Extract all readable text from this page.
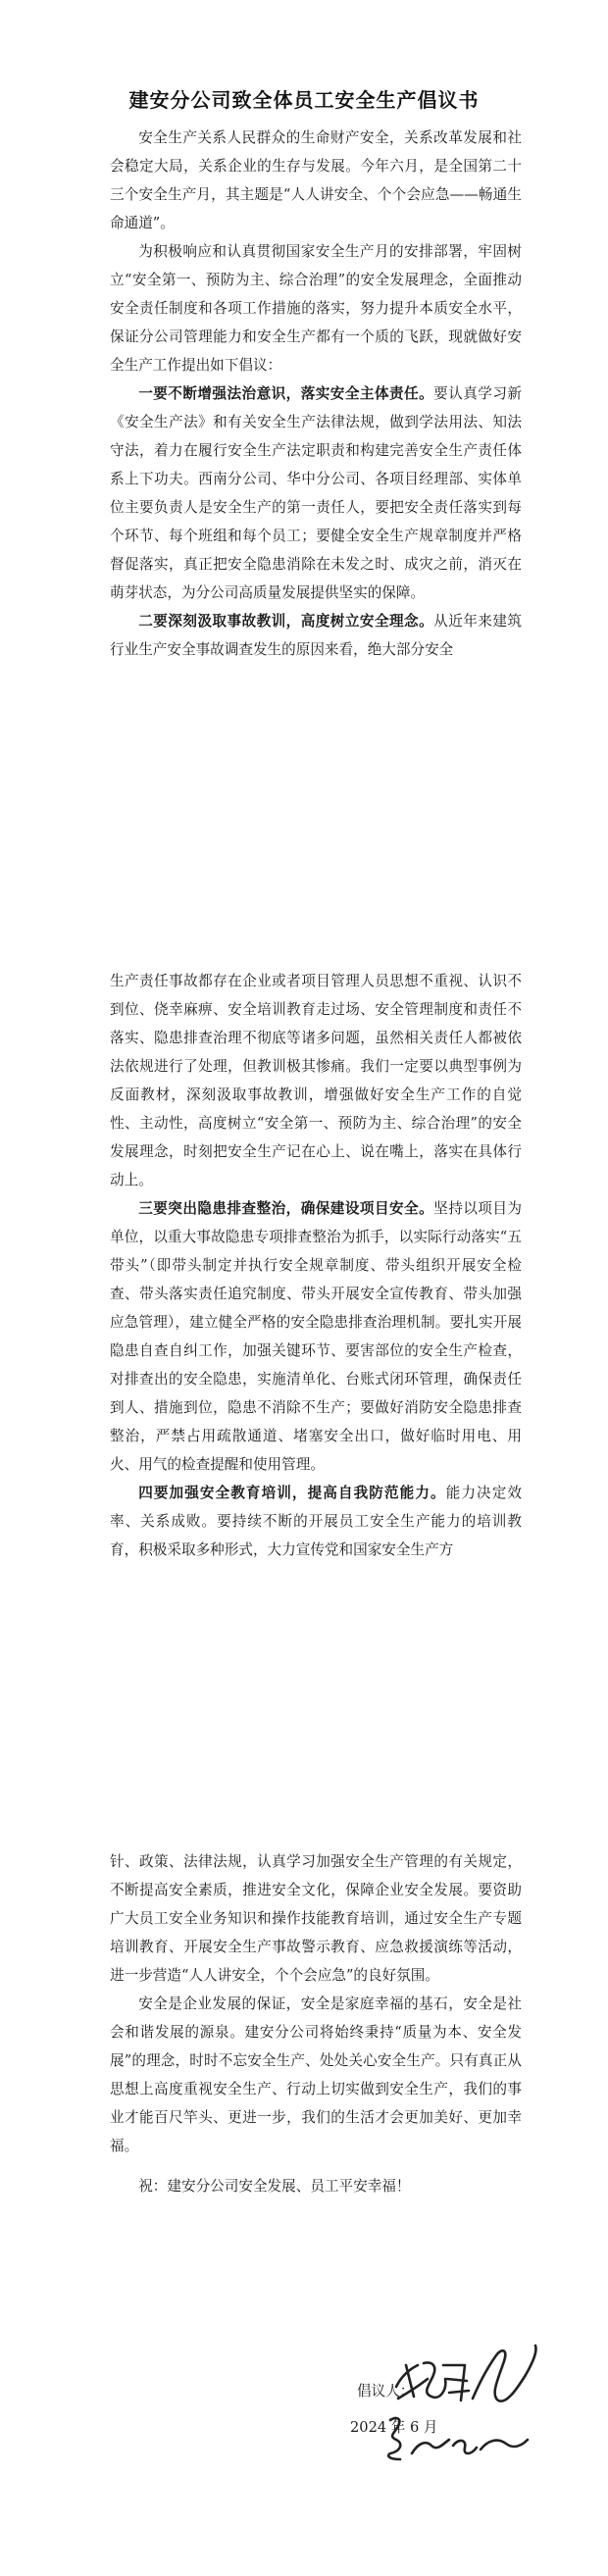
建安分公司致全体员工安全生产倡议书

安全生产关系人民群众的生命财产安全，关系改革发展和社会稳定大局，关系企业的生存与发展。今年六月，是全国第二十三个安全生产月，其主题是“人人讲安全、个个会应急——畅通生命通道”。

为积极响应和认真贯彻国家安全生产月的安排部署，牢固树立“安全第一、预防为主、综合治理”的安全发展理念，全面推动安全责任制度和各项工作措施的落实，努力提升本质安全水平，保证分公司管理能力和安全生产都有一个质的飞跃，现就做好安全生产工作提出如下倡议：

一要不断增强法治意识，落实安全主体责任。要认真学习新《安全生产法》和有关安全生产法律法规，做到学法用法、知法守法，着力在履行安全生产法定职责和构建完善安全生产责任体系上下功夫。西南分公司、华中分公司、各项目经理部、实体单位主要负责人是安全生产的第一责任人，要把安全责任落实到每个环节、每个班组和每个员工；要健全安全生产规章制度并严格督促落实，真正把安全隐患消除在未发之时、成灾之前，消灭在萌芽状态，为分公司高质量发展提供坚实的保障。

二要深刻汲取事故教训，高度树立安全理念。从近年来建筑行业生产安全事故调查发生的原因来看，绝大部分安全

生产责任事故都存在企业或者项目管理人员思想不重视、认识不到位、侥幸麻痹、安全培训教育走过场、安全管理制度和责任不落实、隐患排查治理不彻底等诸多问题，虽然相关责任人都被依法依规进行了处理，但教训极其惨痛。我们一定要以典型事例为反面教材，深刻汲取事故教训，增强做好安全生产工作的自觉性、主动性，高度树立“安全第一、预防为主、综合治理”的安全发展理念，时刻把安全生产记在心上、说在嘴上，落实在具体行动上。

三要突出隐患排查整治，确保建设项目安全。坚持以项目为单位，以重大事故隐患专项排查整治为抓手，以实际行动落实“五带头”（即带头制定并执行安全规章制度、带头组织开展安全检查、带头落实责任追究制度、带头开展安全宣传教育、带头加强应急管理），建立健全严格的安全隐患排查治理机制。要扎实开展隐患自查自纠工作，加强关键环节、要害部位的安全生产检查，对排查出的安全隐患，实施清单化、台账式闭环管理，确保责任到人、措施到位，隐患不消除不生产；要做好消防安全隐患排查整治，严禁占用疏散通道、堵塞安全出口，做好临时用电、用火、用气的检查提醒和使用管理。

四要加强安全教育培训，提高自我防范能力。能力决定效率、关系成败。要持续不断的开展员工安全生产能力的培训教育，积极采取多种形式，大力宣传党和国家安全生产方

针、政策、法律法规，认真学习加强安全生产管理的有关规定，不断提高安全素质，推进安全文化，保障企业安全发展。要资助广大员工安全业务知识和操作技能教育培训，通过安全生产专题培训教育、开展安全生产事故警示教育、应急救援演练等活动，进一步营造“人人讲安全，个个会应急”的良好氛围。

安全是企业发展的保证，安全是家庭幸福的基石，安全是社会和谐发展的源泉。建安分公司将始终秉持“质量为本、安全发展”的理念，时时不忘安全生产、处处关心安全生产。只有真正从思想上高度重视安全生产、行动上切实做到安全生产，我们的事业才能百尺竿头、更进一步，我们的生活才会更加美好、更加幸福。

祝：建安分公司安全发展、员工平安幸福！

倡议人：
2024 年 6 月
